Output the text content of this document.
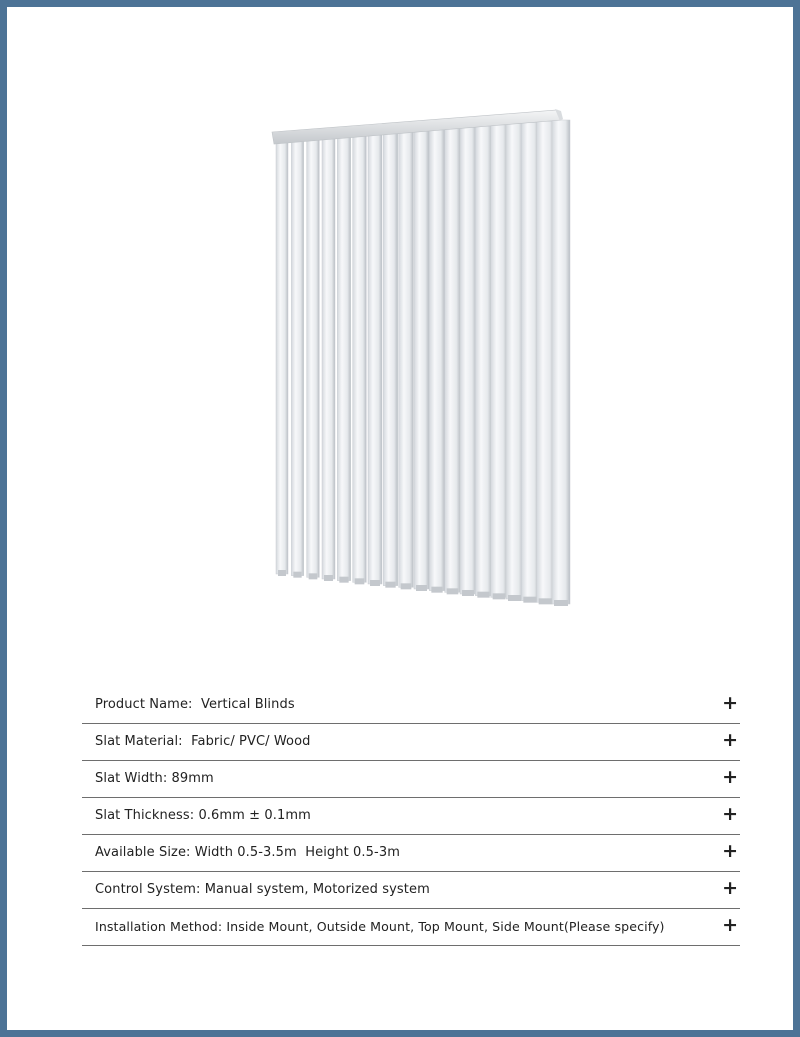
Product Name: Vertical Blinds	+
Slat Material: Fabric/ PVC/ Wood	+
Slat Width: 89mm	+
Slat Thickness: 0.6mm ± 0.1mm	+
Available Size: Width 0.5-3.5m  Height 0.5-3m	+
Control System: Manual system, Motorized system	+
Installation Method: Inside Mount, Outside Mount, Top Mount, Side Mount(Please specify)	+
